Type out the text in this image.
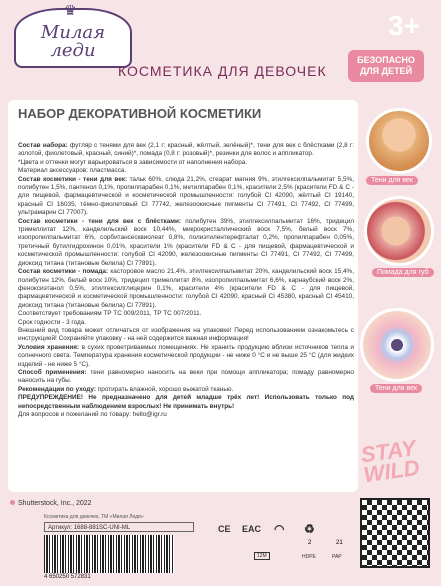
♛
Милая леди
3+
КОСМЕТИКА ДЛЯ ДЕВОЧЕК
БЕЗОПАСНО ДЛЯ ДЕТЕЙ
НАБОР ДЕКОРАТИВНОЙ КОСМЕТИКИ

Состав набора: футляр с тенями для век (2,1 г: красный, жёлтый, зелёный)*, тени для век с блёстками (2,8 г: золотой, фиолетовый, красный, синий)*, помада (0,8 г: розовый)*, резинки для волос и аппликатор.

*Цвета и оттенки могут варьироваться в зависимости от наполнения набора.

Материал аксессуаров: пластмасса.

Состав косметики - тени для век: тальк 60%, слюда 21,2%, стеарат магния 9%, этилгексилпальмитат 5,5%, полибутен 1,5%, пантенол 0,1%, пропилпарабен 0,1%, метилпарабен 0,1%, красители 2,5% (красители FD & C - для пищевой, фармацевтической и косметической промышленности: голубой CI 42090, жёлтый CI 19140, красный CI 16035, тёмно-фиолетовый CI 77742, железоокисные пигменты CI 77491, CI 77492, CI 77499, ультрамарин CI 77007).

Состав косметики - тени для век с блёстками: полибутен 39%, этилгексилпальмитат 16%, тридецил тримеллитат 12%, канделильский воск 10,44%, микрокристаллический воск 7,5%, белый воск 7%, изопропилпальмитат 6%, сорбитансесквиолеат 0,8%, полиэтилентерефталат 0,2%, пропилпарабен 0,05%, третичный бутилгидрохинон 0,01%, красители 1% (красители FD & C - для пищевой, фармацевтической и косметической промышленности: голубой CI 42090, железоокисные пигменты CI 77491, CI 77492, CI 77499, диоксид титана (титановые белила) CI 77891).

Состав косметики - помада: касторовое масло 21,4%, этилгексилпальмитат 20%, канделильский воск 15,4%, полибутен 12%, белый воск 10%, тридецил тримеллитат 8%, изопропилпальмитат 6,6%, карнаубский воск 2%, феноксиэтанол 0,5%, этилгексилглицерин 0,1%, красители 4% (красители FD & C - для пищевой, фармацевтической и косметической промышленности: голубой CI 42090, красный CI 45380, красный CI 45410, диоксид титана (титановые белила) CI 77891).

Соответствует требованиям ТР ТС 009/2011, ТР ТС 007/2011.

Срок годности - 3 года.

Внешний вид товара может отличаться от изображения на упаковке! Перед использованием ознакомьтесь с инструкцией! Сохраняйте упаковку - на ней содержится важная информация!

Условия хранения: в сухих проветриваемых помещениях. Не хранить продукцию вблизи источников тепла и солнечного света. Температура хранения косметической продукции - не ниже 0 °C и не выше 25 °C (для жидких изделий - не ниже 5 °C).

Способ применения: тени равномерно наносить на веки при помощи аппликатора; помаду равномерно наносить на губы.

Рекомендации по уходу: протирать влажной, хорошо выжатой тканью.

ПРЕДУПРЕЖДЕНИЕ! Не предназначено для детей младше трёх лет! Использовать только под непосредственным наблюдением взрослых! Не принимать внутрь!

Для вопросов и пожеланий по товару: hello@igr.ru

Тени для век
Помада для губ
Тени для век
STAY WILD
Shutterstock, Inc., 2022
Косметика для девочек, ТМ «Милая Леди»
Артикул: 1688-881SC-UNI-ML
4 650250 572831
CE EAC ◠ ♻
2	21
12M	HDPE	PAP
